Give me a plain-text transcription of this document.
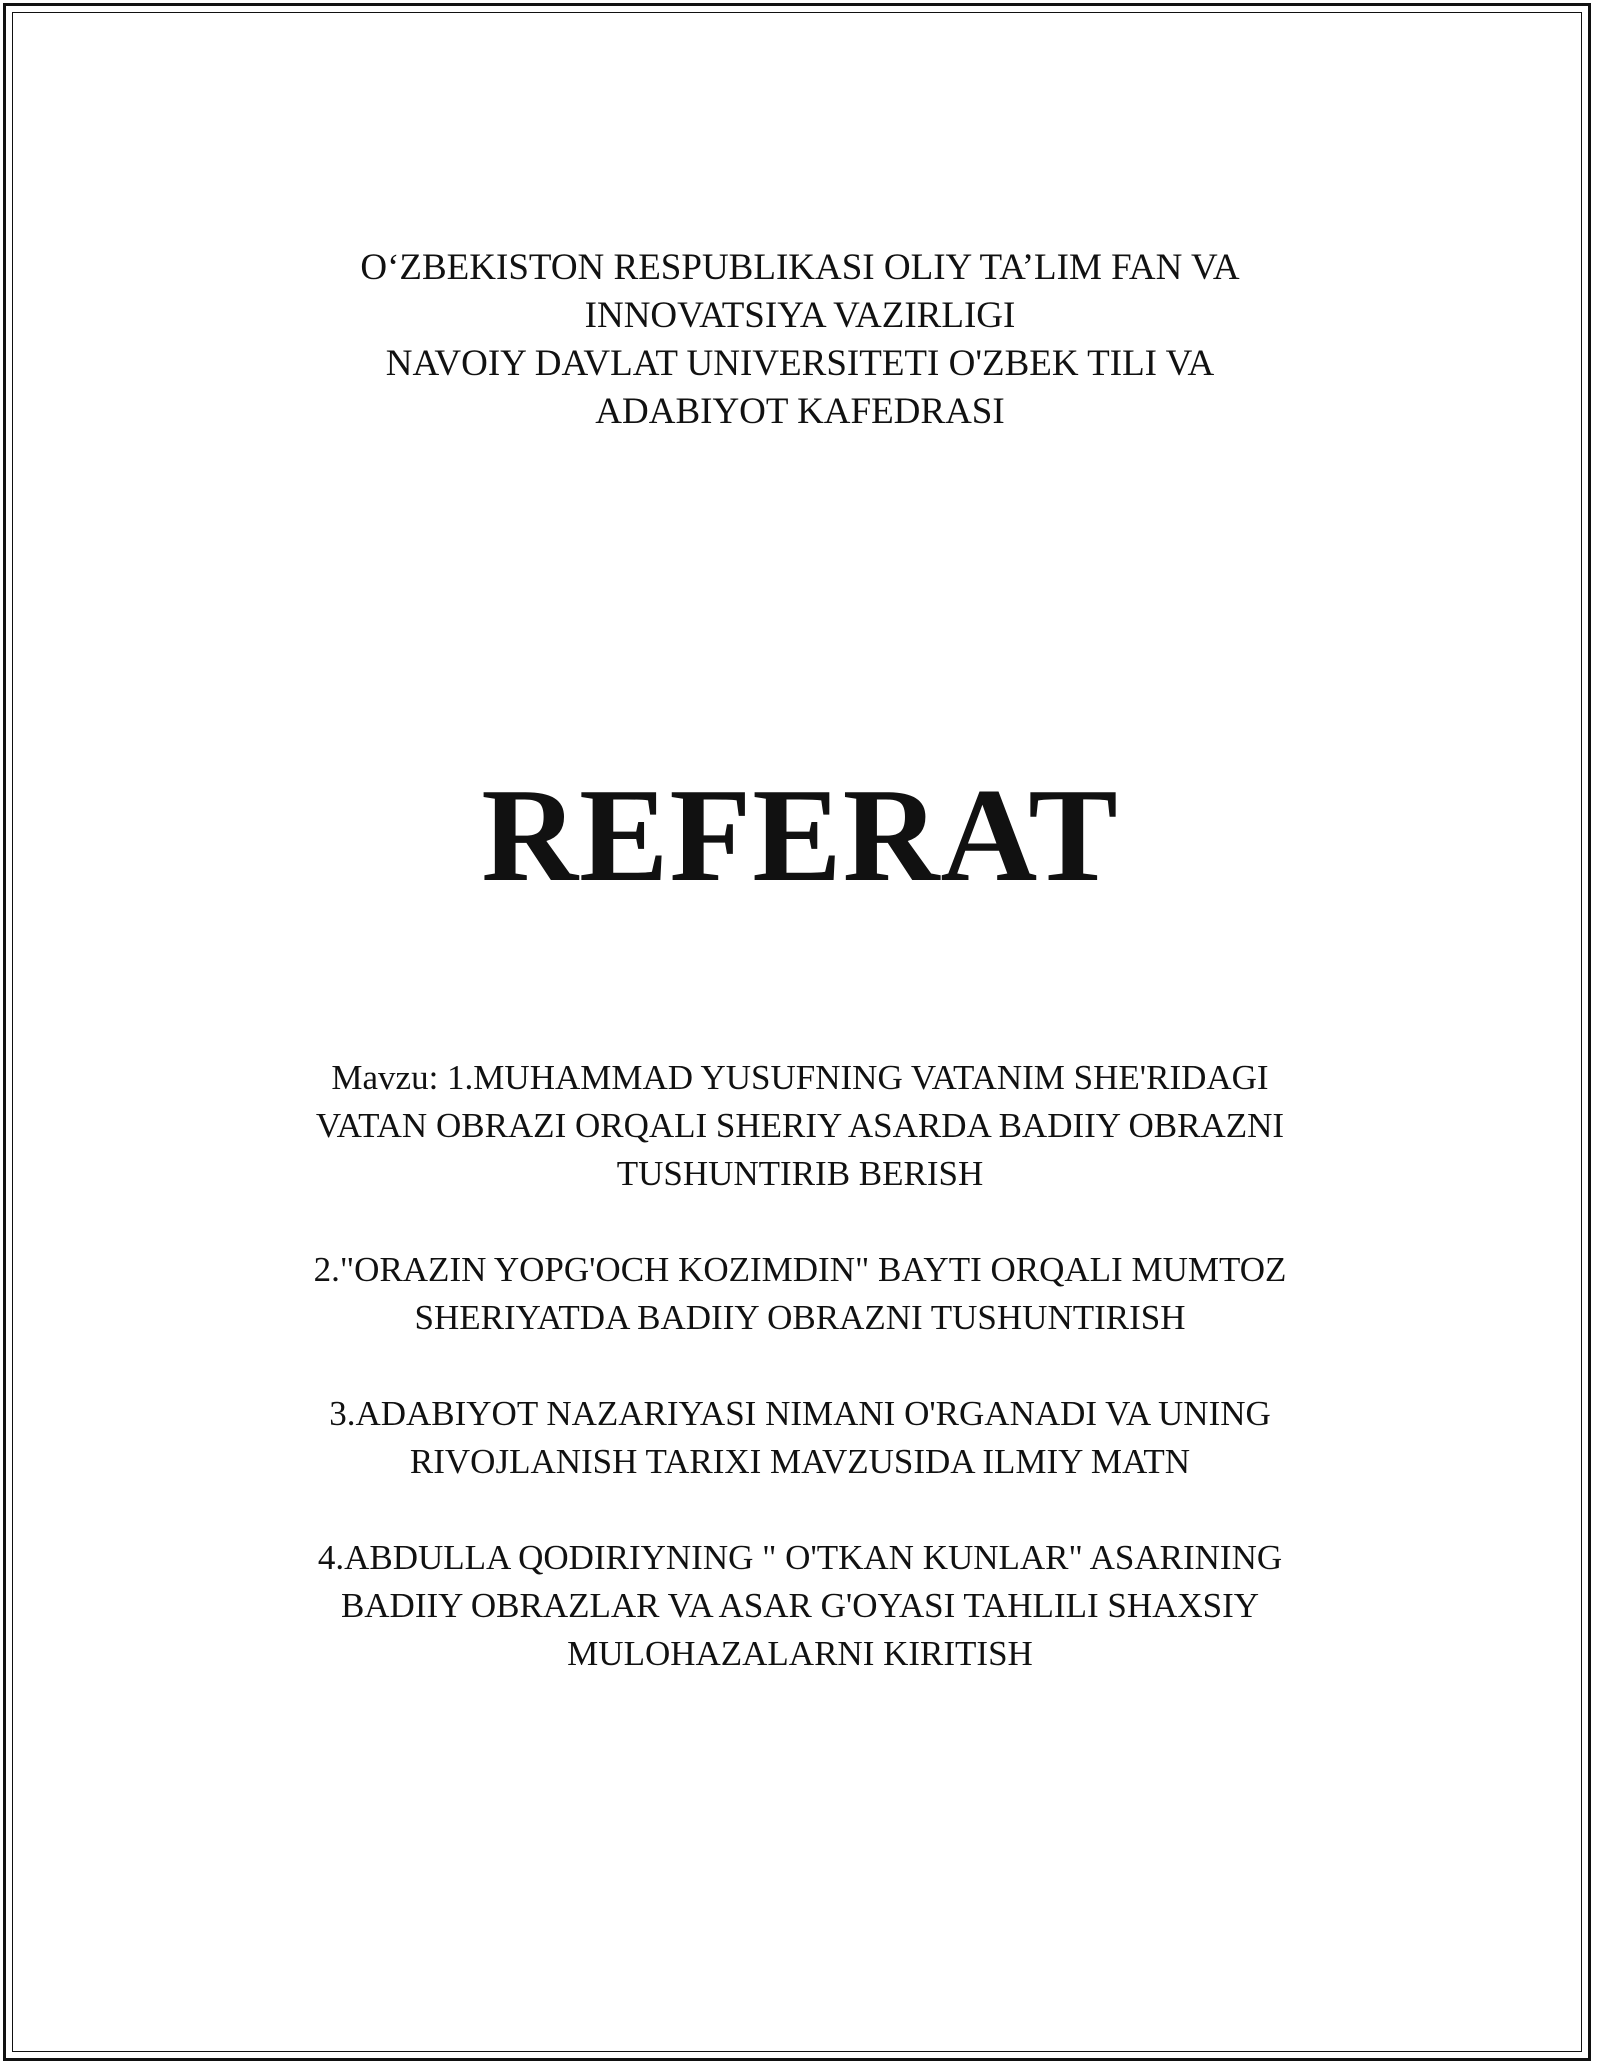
O‘ZBEKISTON RESPUBLIKASI OLIY TA’LIM FAN VA
INNOVATSIYA VAZIRLIGI
NAVOIY DAVLAT UNIVERSITETI O'ZBEK TILI VA
ADABIYOT KAFEDRASI
REFERAT
Mavzu: 1.MUHAMMAD YUSUFNING VATANIM SHE'RIDAGI
VATAN OBRAZI ORQALI SHERIY ASARDA BADIIY OBRAZNI
TUSHUNTIRIB BERISH
2."ORAZIN YOPG'OCH KOZIMDIN" BAYTI ORQALI MUMTOZ
SHERIYATDA BADIIY OBRAZNI TUSHUNTIRISH
3.ADABIYOT NAZARIYASI NIMANI O'RGANADI VA UNING
RIVOJLANISH TARIXI MAVZUSIDA ILMIY MATN
4.ABDULLA QODIRIYNING " O'TKAN KUNLAR" ASARINING
BADIIY OBRAZLAR VA ASAR G'OYASI TAHLILI SHAXSIY
MULOHAZALARNI KIRITISH
